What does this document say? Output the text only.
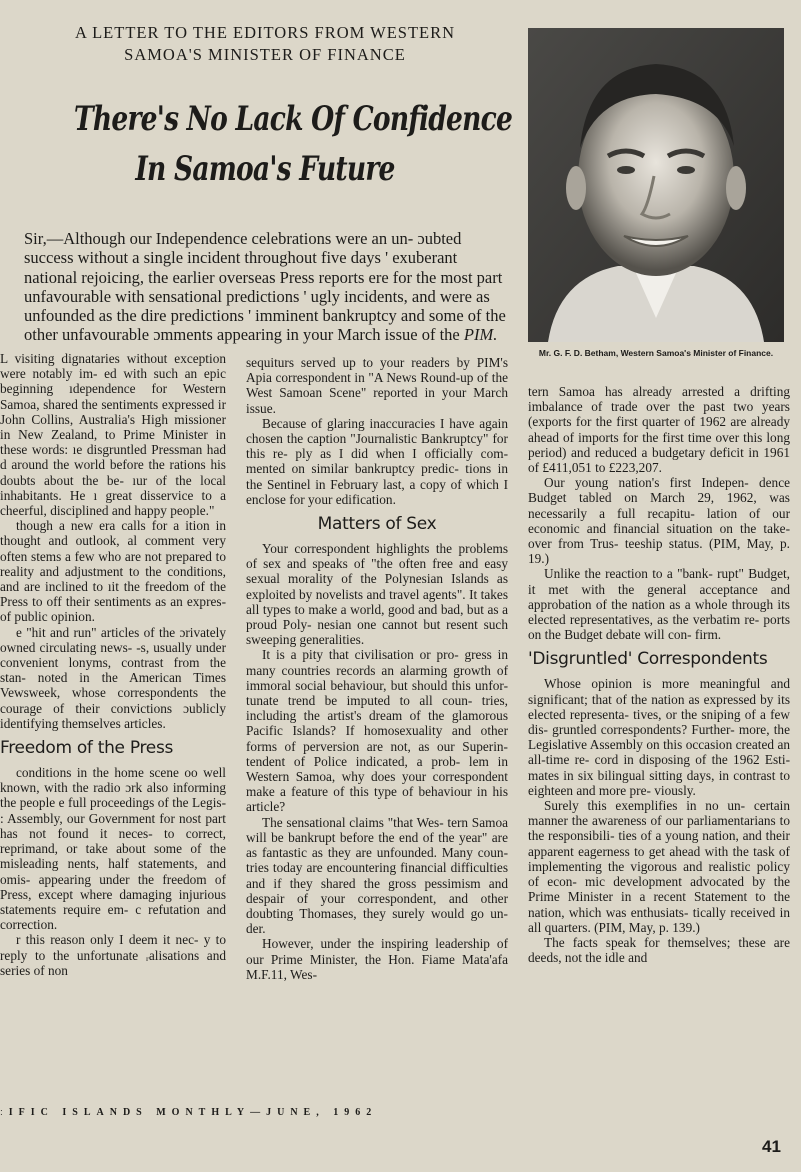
A LETTER TO THE EDITORS FROM WESTERN
SAMOA'S MINISTER OF FINANCE
There's No Lack Of Confidence
In Samoa's Future

Sir,—Although our Independence celebrations were an un- ɔubted success without a single incident throughout five days ' exuberant national rejoicing, the earlier overseas Press reports ere for the most part unfavourable with sensational predictions ' ugly incidents, and were as unfounded as the dire predictions ' imminent bankruptcy and some of the other unfavourable ɔmments appearing in your March issue of the PIM.

Mr. G. F. D. Betham, Western Samoa's Minister of Finance.

L visiting dignataries without exception were notably im- ed with such an epic beginning ıdependence for Western Samoa, shared the sentiments expressed ir John Collins, Australia's High missioner in New Zealand, to Prime Minister in these words: ıe disgruntled Pressman had d around the world before the rations his doubts about the be- ıur of the local inhabitants. He ı great disservice to a cheerful, disciplined and happy people."

though a new era calls for a ition in thought and outlook, al comment very often stems a few who are not prepared to reality and adjustment to the conditions, and are inclined to ıit the freedom of the Press to off their sentiments as an expres- of public opinion.

e "hit and run" articles of the ɔrivately owned circulating news- -s, usually under convenient lonyms, contrast from the stan- noted in the American Times Vewsweek, whose correspondents the courage of their convictions ɔublicly identifying themselves articles.

Freedom of the Press

conditions in the home scene oo well known, with the radio ɔrk also informing the people e full proceedings of the Legis- : Assembly, our Government for nost part has not found it neces- to correct, reprimand, or take about some of the misleading nents, half statements, and omis- appearing under the freedom of Press, except where damaging injurious statements require em- c refutation and correction.

r this reason only I deem it nec- y to reply to the unfortunate ᵣalisations and series of non

sequiturs served up to your readers by PIM's Apia correspondent in "A News Round-up of the West Samoan Scene" reported in your March issue.

Because of glaring inaccuracies I have again chosen the caption "Journalistic Bankruptcy" for this re- ply as I did when I officially com- mented on similar bankruptcy predic- tions in the Sentinel in February last, a copy of which I enclose for your edification.

Matters of Sex

Your correspondent highlights the problems of sex and speaks of "the often free and easy sexual morality of the Polynesian Islands as exploited by novelists and travel agents". It takes all types to make a world, good and bad, but as a proud Poly- nesian one cannot but resent such sweeping generalities.

It is a pity that civilisation or pro- gress in many countries records an alarming growth of immoral social behaviour, but should this unfor- tunate trend be imputed to all coun- tries, including the artist's dream of the glamorous Pacific Islands? If homosexuality and other forms of perversion are not, as our Superin- tendent of Police indicated, a prob- lem in Western Samoa, why does your correspondent make a feature of this type of behaviour in his article?

The sensational claims "that Wes- tern Samoa will be bankrupt before the end of the year" are as fantastic as they are unfounded. Many coun- tries today are encountering financial difficulties and if they shared the gross pessimism and despair of your correspondent, and other doubting Thomases, they surely would go un- der.

However, under the inspiring leadership of our Prime Minister, the Hon. Fiame Mata'afa M.F.11, Wes-

tern Samoa has already arrested a drifting imbalance of trade over the past two years (exports for the first quarter of 1962 are already ahead of imports for the first time over this long period) and reduced a budgetary deficit in 1961 of £411,051 to £223,207.

Our young nation's first Indepen- dence Budget tabled on March 29, 1962, was necessarily a full recapitu- lation of our economic and financial situation on the take-over from Trus- teeship status. (PIM, May, p. 19.)

Unlike the reaction to a "bank- rupt" Budget, it met with the general acceptance and approbation of the nation as a whole through its elected representatives, as the verbatim re- ports on the Budget debate will con- firm.

'Disgruntled' Correspondents

Whose opinion is more meaningful and significant; that of the nation as expressed by its elected representa- tives, or the sniping of a few dis- gruntled correspondents? Further- more, the Legislative Assembly on this occasion created an all-time re- cord in disposing of the 1962 Esti- mates in six bilingual sitting days, in contrast to eighteen and more pre- viously.

Surely this exemplifies in no un- certain manner the awareness of our parliamentarians to the responsibili- ties of a young nation, and their apparent eagerness to get ahead with the task of implementing the vigorous and realistic policy of econ- mic development advocated by the Prime Minister in a recent Statement to the nation, which was enthusiats- tically received in all quarters. (PIM, May, p. 139.)

The facts speak for themselves; these are deeds, not the idle and

ːIFIC ISLANDS MONTHLY—JUNE, 1962
41
